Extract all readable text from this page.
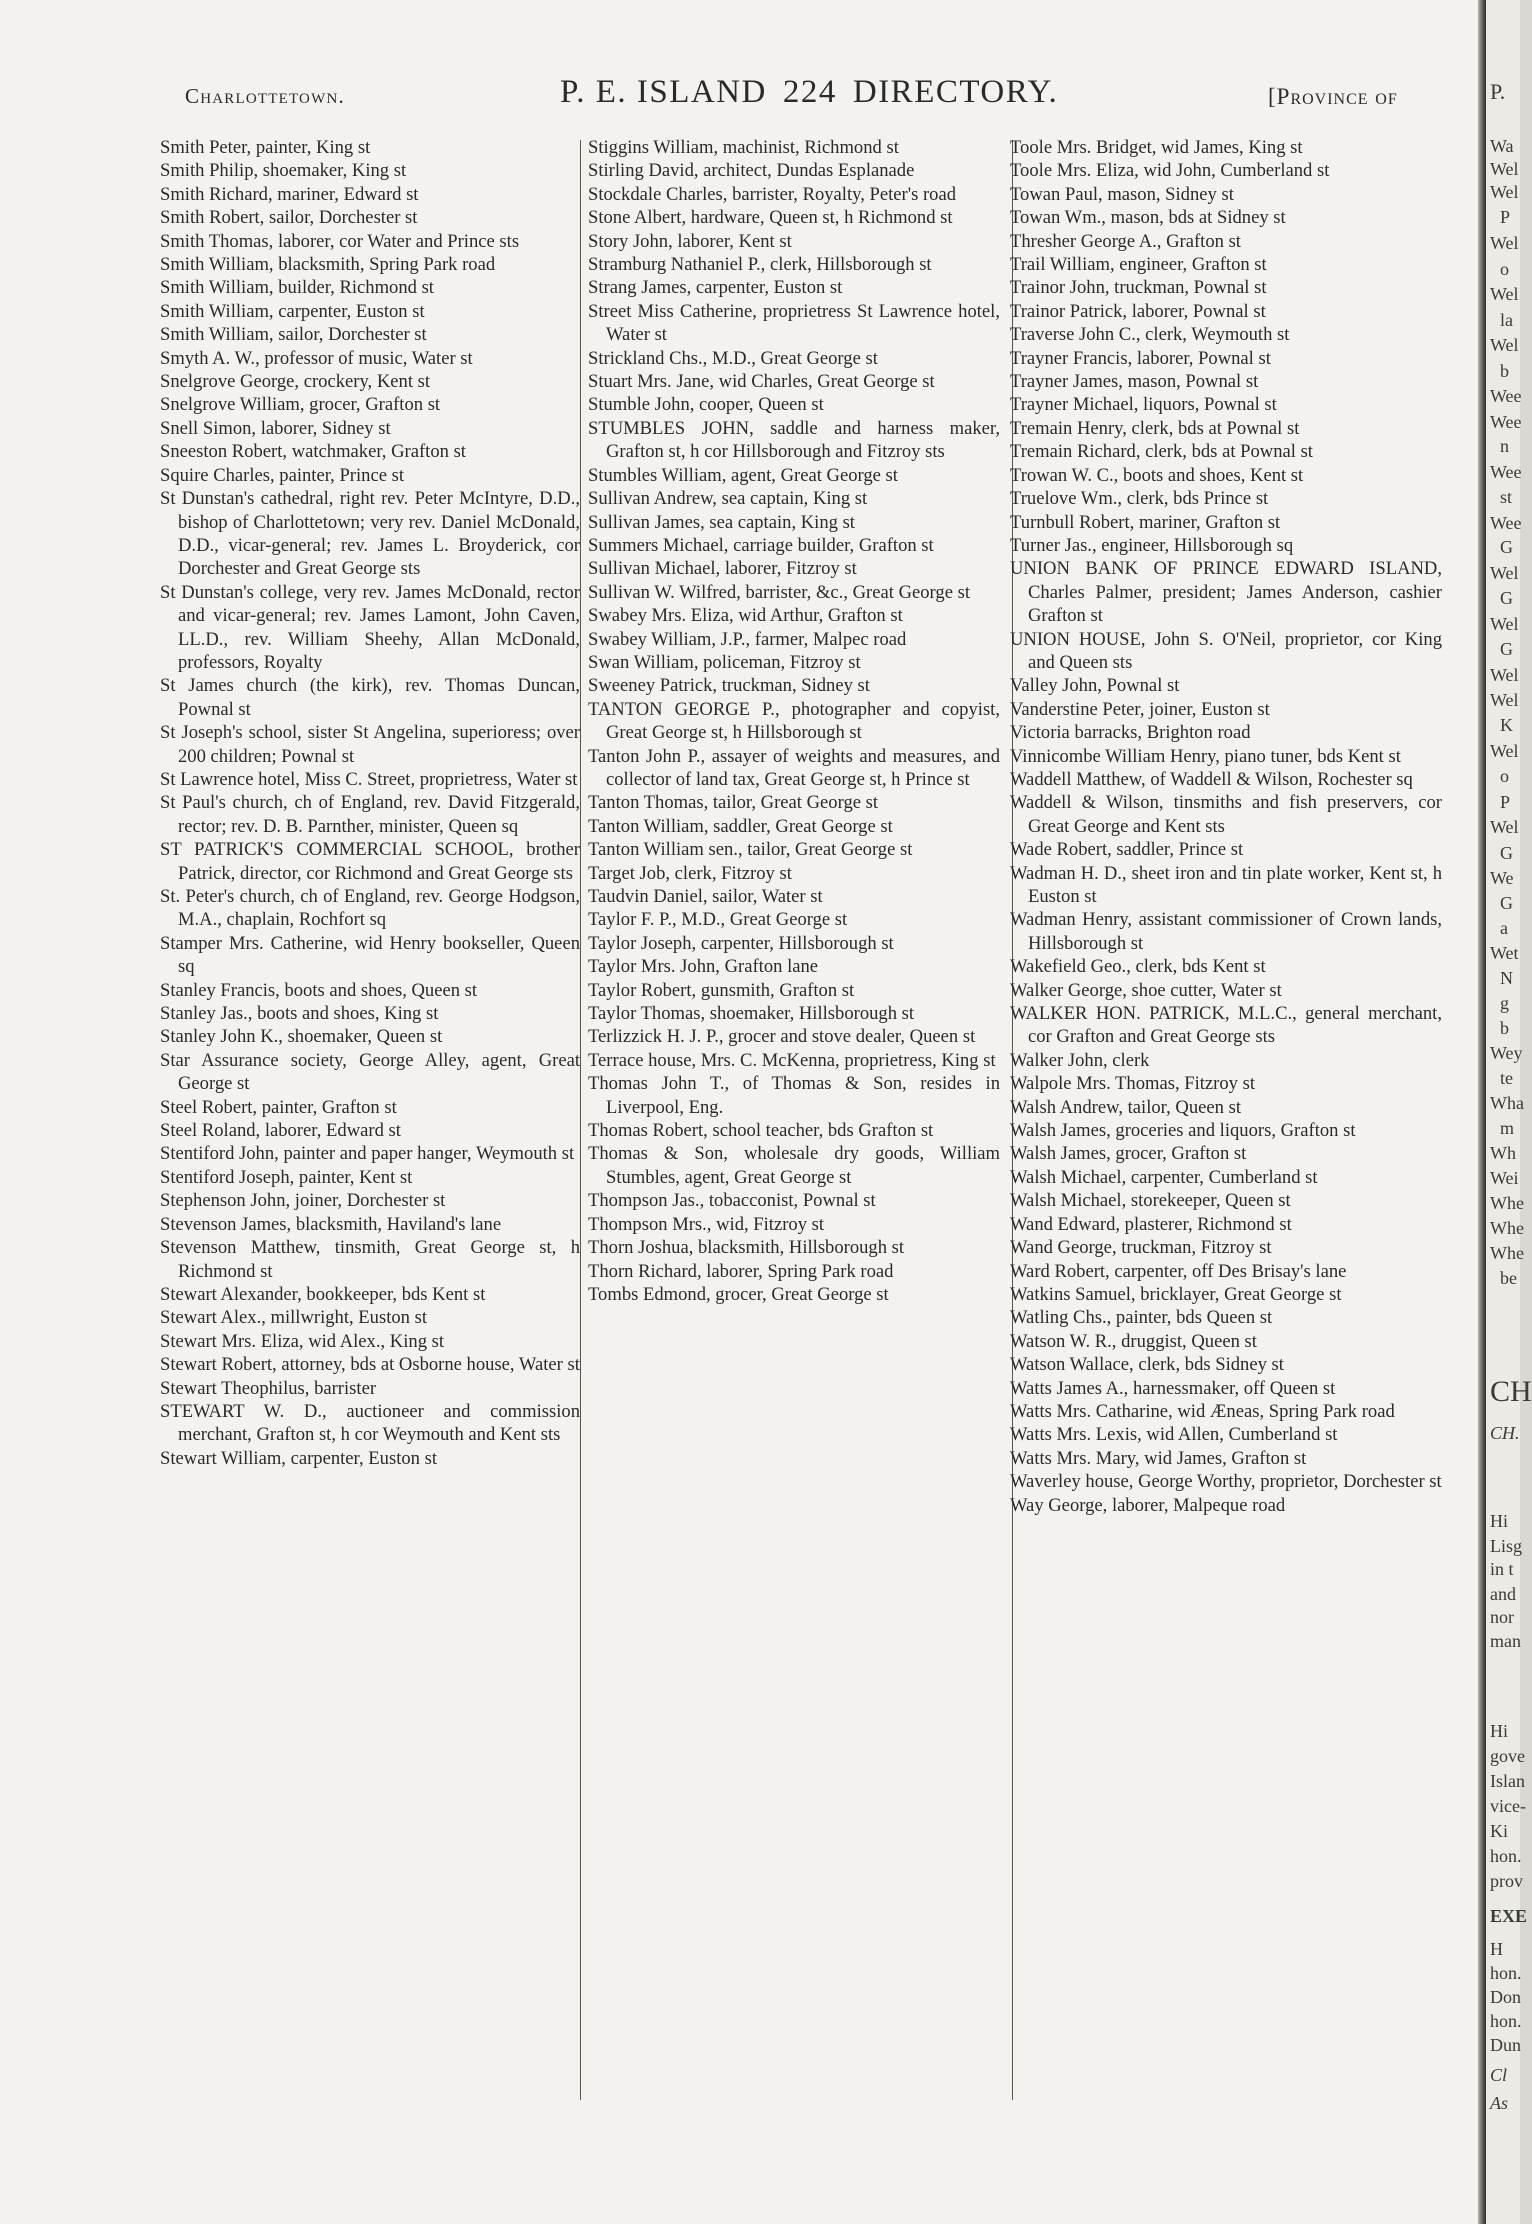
Charlottetown.	P. E. ISLAND 224 DIRECTORY.	[Province of

Smith Peter, painter, King st

Smith Philip, shoemaker, King st

Smith Richard, mariner, Edward st

Smith Robert, sailor, Dorchester st

Smith Thomas, laborer, cor Water and Prince sts

Smith William, blacksmith, Spring Park road

Smith William, builder, Richmond st

Smith William, carpenter, Euston st

Smith William, sailor, Dorchester st

Smyth A. W., professor of music, Water st

Snelgrove George, crockery, Kent st

Snelgrove William, grocer, Grafton st

Snell Simon, laborer, Sidney st

Sneeston Robert, watchmaker, Grafton st

Squire Charles, painter, Prince st

St Dunstan's cathedral, right rev. Peter McIntyre, D.D., bishop of Charlottetown; very rev. Daniel McDonald, D.D., vicar-general; rev. James L. Broyderick, cor Dorchester and Great George sts

St Dunstan's college, very rev. James McDonald, rector and vicar-general; rev. James Lamont, John Caven, LL.D., rev. William Sheehy, Allan McDonald, professors, Royalty

St James church (the kirk), rev. Thomas Duncan, Pownal st

St Joseph's school, sister St Angelina, superioress; over 200 children; Pownal st

St Lawrence hotel, Miss C. Street, proprietress, Water st

St Paul's church, ch of England, rev. David Fitzgerald, rector; rev. D. B. Parnther, minister, Queen sq

ST PATRICK'S COMMERCIAL SCHOOL, brother Patrick, director, cor Richmond and Great George sts

St. Peter's church, ch of England, rev. George Hodgson, M.A., chaplain, Rochfort sq

Stamper Mrs. Catherine, wid Henry bookseller, Queen sq

Stanley Francis, boots and shoes, Queen st

Stanley Jas., boots and shoes, King st

Stanley John K., shoemaker, Queen st

Star Assurance society, George Alley, agent, Great George st

Steel Robert, painter, Grafton st

Steel Roland, laborer, Edward st

Stentiford John, painter and paper hanger, Weymouth st

Stentiford Joseph, painter, Kent st

Stephenson John, joiner, Dorchester st

Stevenson James, blacksmith, Haviland's lane

Stevenson Matthew, tinsmith, Great George st, h Richmond st

Stewart Alexander, bookkeeper, bds Kent st

Stewart Alex., millwright, Euston st

Stewart Mrs. Eliza, wid Alex., King st

Stewart Robert, attorney, bds at Osborne house, Water st

Stewart Theophilus, barrister

STEWART W. D., auctioneer and commission merchant, Grafton st, h cor Weymouth and Kent sts

Stewart William, carpenter, Euston st

Stiggins William, machinist, Richmond st

Stirling David, architect, Dundas Esplanade

Stockdale Charles, barrister, Royalty, Peter's road

Stone Albert, hardware, Queen st, h Richmond st

Story John, laborer, Kent st

Stramburg Nathaniel P., clerk, Hillsborough st

Strang James, carpenter, Euston st

Street Miss Catherine, proprietress St Lawrence hotel, Water st

Strickland Chs., M.D., Great George st

Stuart Mrs. Jane, wid Charles, Great George st

Stumble John, cooper, Queen st

STUMBLES JOHN, saddle and harness maker, Grafton st, h cor Hillsborough and Fitzroy sts

Stumbles William, agent, Great George st

Sullivan Andrew, sea captain, King st

Sullivan James, sea captain, King st

Summers Michael, carriage builder, Grafton st

Sullivan Michael, laborer, Fitzroy st

Sullivan W. Wilfred, barrister, &c., Great George st

Swabey Mrs. Eliza, wid Arthur, Grafton st

Swabey William, J.P., farmer, Malpec road

Swan William, policeman, Fitzroy st

Sweeney Patrick, truckman, Sidney st

TANTON GEORGE P., photographer and copyist, Great George st, h Hillsborough st

Tanton John P., assayer of weights and measures, and collector of land tax, Great George st, h Prince st

Tanton Thomas, tailor, Great George st

Tanton William, saddler, Great George st

Tanton William sen., tailor, Great George st

Target Job, clerk, Fitzroy st

Taudvin Daniel, sailor, Water st

Taylor F. P., M.D., Great George st

Taylor Joseph, carpenter, Hillsborough st

Taylor Mrs. John, Grafton lane

Taylor Robert, gunsmith, Grafton st

Taylor Thomas, shoemaker, Hillsborough st

Terlizzick H. J. P., grocer and stove dealer, Queen st

Terrace house, Mrs. C. McKenna, proprietress, King st

Thomas John T., of Thomas & Son, resides in Liverpool, Eng.

Thomas Robert, school teacher, bds Grafton st

Thomas & Son, wholesale dry goods, William Stumbles, agent, Great George st

Thompson Jas., tobacconist, Pownal st

Thompson Mrs., wid, Fitzroy st

Thorn Joshua, blacksmith, Hillsborough st

Thorn Richard, laborer, Spring Park road

Tombs Edmond, grocer, Great George st

Toole Mrs. Bridget, wid James, King st

Toole Mrs. Eliza, wid John, Cumberland st

Towan Paul, mason, Sidney st

Towan Wm., mason, bds at Sidney st

Thresher George A., Grafton st

Trail William, engineer, Grafton st

Trainor John, truckman, Pownal st

Trainor Patrick, laborer, Pownal st

Traverse John C., clerk, Weymouth st

Trayner Francis, laborer, Pownal st

Trayner James, mason, Pownal st

Trayner Michael, liquors, Pownal st

Tremain Henry, clerk, bds at Pownal st

Tremain Richard, clerk, bds at Pownal st

Trowan W. C., boots and shoes, Kent st

Truelove Wm., clerk, bds Prince st

Turnbull Robert, mariner, Grafton st

Turner Jas., engineer, Hillsborough sq

UNION BANK OF PRINCE EDWARD ISLAND, Charles Palmer, president; James Anderson, cashier Grafton st

UNION HOUSE, John S. O'Neil, proprietor, cor King and Queen sts

Valley John, Pownal st

Vanderstine Peter, joiner, Euston st

Victoria barracks, Brighton road

Vinnicombe William Henry, piano tuner, bds Kent st

Waddell Matthew, of Waddell & Wilson, Rochester sq

Waddell & Wilson, tinsmiths and fish preservers, cor Great George and Kent sts

Wade Robert, saddler, Prince st

Wadman H. D., sheet iron and tin plate worker, Kent st, h Euston st

Wadman Henry, assistant commissioner of Crown lands, Hillsborough st

Wakefield Geo., clerk, bds Kent st

Walker George, shoe cutter, Water st

WALKER HON. PATRICK, M.L.C., general merchant, cor Grafton and Great George sts

Walker John, clerk

Walpole Mrs. Thomas, Fitzroy st

Walsh Andrew, tailor, Queen st

Walsh James, groceries and liquors, Grafton st

Walsh James, grocer, Grafton st

Walsh Michael, carpenter, Cumberland st

Walsh Michael, storekeeper, Queen st

Wand Edward, plasterer, Richmond st

Wand George, truckman, Fitzroy st

Ward Robert, carpenter, off Des Brisay's lane

Watkins Samuel, bricklayer, Great George st

Watling Chs., painter, bds Queen st

Watson W. R., druggist, Queen st

Watson Wallace, clerk, bds Sidney st

Watts James A., harnessmaker, off Queen st

Watts Mrs. Catharine, wid Æneas, Spring Park road

Watts Mrs. Lexis, wid Allen, Cumberland st

Watts Mrs. Mary, wid James, Grafton st

Waverley house, George Worthy, proprietor, Dorchester st

Way George, laborer, Malpeque road

P.
Wa
Wel
Wel
P
Wel
o
Wel
la
Wel
b
Wee
Wee
n
Wee
st
Wee
G
Wel
G
Wel
G
Wel
Wel
K
Wel
o
P
Wel
G
We
G
a
Wet
N
g
b
Wey
te
Wha
m
Wh
Wei
Whe
Whe
Whe
be
CH
CH.
Hi
Lisg
in t
and
nor
man
Hi
gove
Islan
vice-
Ki
hon.
prov
EXE
H
hon.
Don
hon.
Dun
Cl
As
